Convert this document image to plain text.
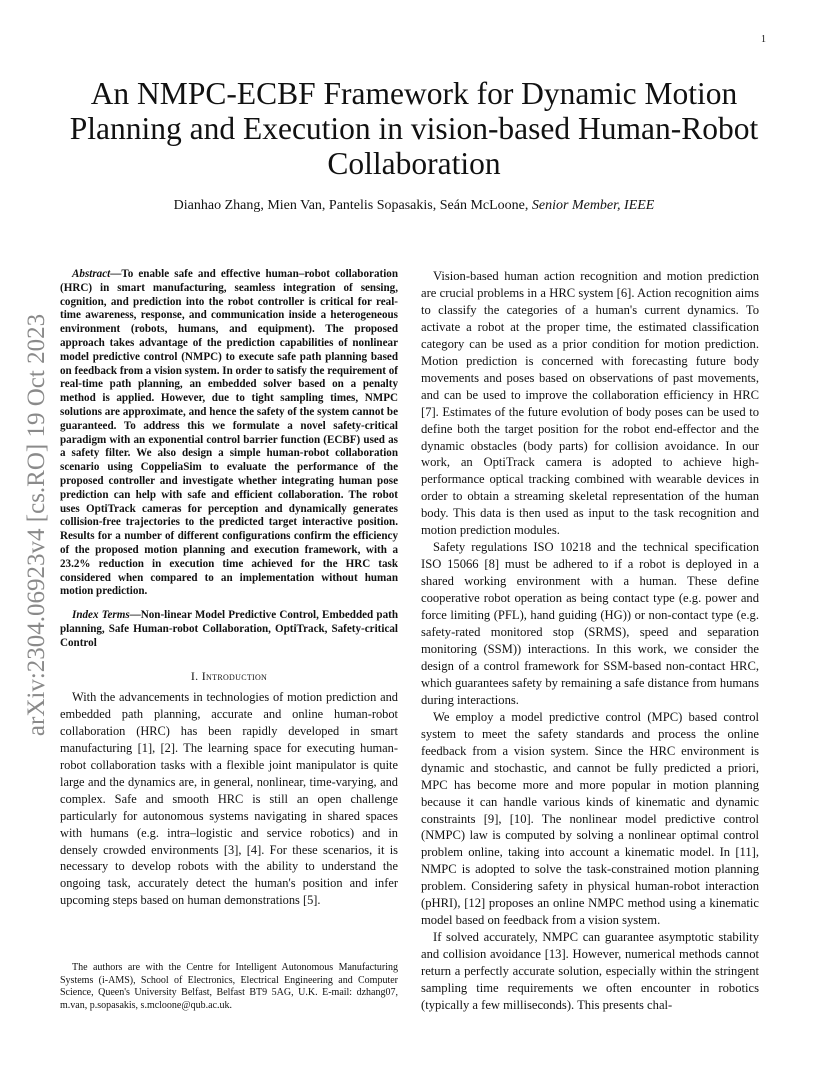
1
arXiv:2304.06923v4 [cs.RO] 19 Oct 2023
An NMPC-ECBF Framework for Dynamic Motion Planning and Execution in vision-based Human-Robot Collaboration
Dianhao Zhang, Mien Van, Pantelis Sopasakis, Seán McLoone, Senior Member, IEEE

Abstract—To enable safe and effective human–robot collaboration (HRC) in smart manufacturing, seamless integration of sensing, cognition, and prediction into the robot controller is critical for real-time awareness, response, and communication inside a heterogeneous environment (robots, humans, and equipment). The proposed approach takes advantage of the prediction capabilities of nonlinear model predictive control (NMPC) to execute safe path planning based on feedback from a vision system. In order to satisfy the requirement of real-time path planning, an embedded solver based on a penalty method is applied. However, due to tight sampling times, NMPC solutions are approximate, and hence the safety of the system cannot be guaranteed. To address this we formulate a novel safety-critical paradigm with an exponential control barrier function (ECBF) used as a safety filter. We also design a simple human-robot collaboration scenario using CoppeliaSim to evaluate the performance of the proposed controller and investigate whether integrating human pose prediction can help with safe and efficient collaboration. The robot uses OptiTrack cameras for perception and dynamically generates collision-free trajectories to the predicted target interactive position. Results for a number of different configurations confirm the efficiency of the proposed motion planning and execution framework, with a 23.2% reduction in execution time achieved for the HRC task considered when compared to an implementation without human motion prediction.

Index Terms—Non-linear Model Predictive Control, Embedded path planning, Safe Human-robot Collaboration, OptiTrack, Safety-critical Control

I. Introduction

With the advancements in technologies of motion prediction and embedded path planning, accurate and online human-robot collaboration (HRC) has been rapidly developed in smart manufacturing [1], [2]. The learning space for executing human-robot collaboration tasks with a flexible joint manipulator is quite large and the dynamics are, in general, nonlinear, time-varying, and complex. Safe and smooth HRC is still an open challenge particularly for autonomous systems navigating in shared spaces with humans (e.g. intra–logistic and service robotics) and in densely crowded environments [3], [4]. For these scenarios, it is necessary to develop robots with the ability to understand the ongoing task, accurately detect the human's position and infer upcoming steps based on human demonstrations [5].

The authors are with the Centre for Intelligent Autonomous Manufacturing Systems (i-AMS), School of Electronics, Electrical Engineering and Computer Science, Queen's University Belfast, Belfast BT9 5AG, U.K. E-mail: dzhang07, m.van, p.sopasakis, s.mcloone@qub.ac.uk.

Vision-based human action recognition and motion prediction are crucial problems in a HRC system [6]. Action recognition aims to classify the categories of a human's current dynamics. To activate a robot at the proper time, the estimated classification category can be used as a prior condition for motion prediction. Motion prediction is concerned with forecasting future body movements and poses based on observations of past movements, and can be used to improve the collaboration efficiency in HRC [7]. Estimates of the future evolution of body poses can be used to define both the target position for the robot end-effector and the dynamic obstacles (body parts) for collision avoidance. In our work, an OptiTrack camera is adopted to achieve high-performance optical tracking combined with wearable devices in order to obtain a streaming skeletal representation of the human body. This data is then used as input to the task recognition and motion prediction modules.

Safety regulations ISO 10218 and the technical specification ISO 15066 [8] must be adhered to if a robot is deployed in a shared working environment with a human. These define cooperative robot operation as being contact type (e.g. power and force limiting (PFL), hand guiding (HG)) or non-contact type (e.g. safety-rated monitored stop (SRMS), speed and separation monitoring (SSM)) interactions. In this work, we consider the design of a control framework for SSM-based non-contact HRC, which guarantees safety by remaining a safe distance from humans during interactions.

We employ a model predictive control (MPC) based control system to meet the safety standards and process the online feedback from a vision system. Since the HRC environment is dynamic and stochastic, and cannot be fully predicted a priori, MPC has become more and more popular in motion planning because it can handle various kinds of kinematic and dynamic constraints [9], [10]. The nonlinear model predictive control (NMPC) law is computed by solving a nonlinear optimal control problem online, taking into account a kinematic model. In [11], NMPC is adopted to solve the task-constrained motion planning problem. Considering safety in physical human-robot interaction (pHRI), [12] proposes an online NMPC method using a kinematic model based on feedback from a vision system.

If solved accurately, NMPC can guarantee asymptotic stability and collision avoidance [13]. However, numerical methods cannot return a perfectly accurate solution, especially within the stringent sampling time requirements we often encounter in robotics (typically a few milliseconds). This presents chal-
